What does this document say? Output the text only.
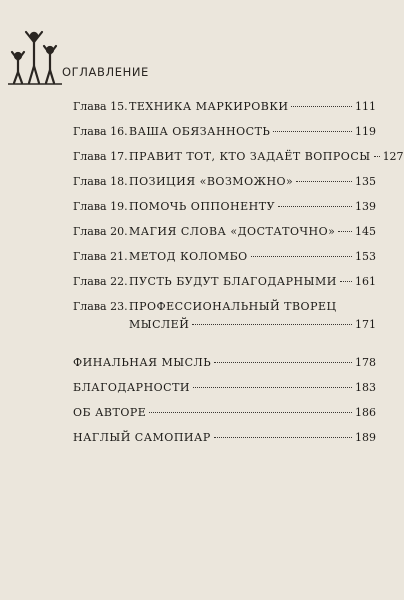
ОГЛАВЛЕНИЕ
Глава 15. ТЕХНИКА МАРКИРОВКИ	111
Глава 16. ВАША ОБЯЗАННОСТЬ	119
Глава 17. ПРАВИТ ТОТ, КТО ЗАДАЁТ ВОПРОСЫ 127
Глава 18. ПОЗИЦИЯ «ВОЗМОЖНО»	135
Глава 19. ПОМОЧЬ ОППОНЕНТУ	139
Глава 20. МАГИЯ СЛОВА «ДОСТАТОЧНО» 145
Глава 21. МЕТОД КОЛОМБО	153
Глава 22. ПУСТЬ БУДУТ БЛАГОДАРНЫМИ 161
Глава 23. ПРОФЕССИОНАЛЬНЫЙ ТВОРЕЦ
МЫСЛЕЙ	171
ФИНАЛЬНАЯ МЫСЛЬ	178
БЛАГОДАРНОСТИ	183
ОБ АВТОРЕ	186
НАГЛЫЙ САМОПИАР	189
